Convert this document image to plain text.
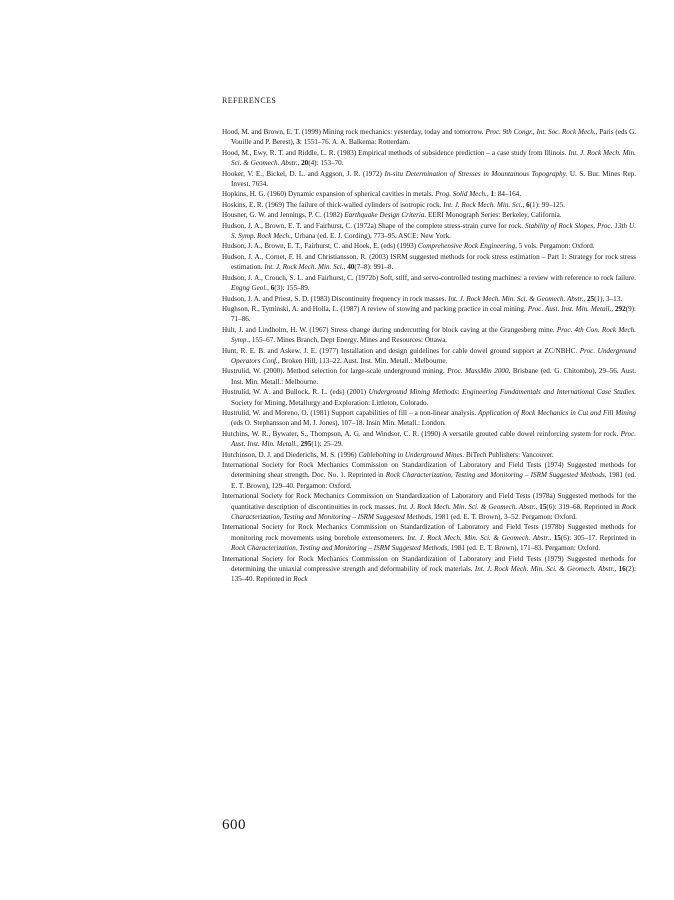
REFERENCES

Hood, M. and Brown, E. T. (1999) Mining rock mechanics: yesterday, today and tomorrow. Proc. 9th Congr., Int. Soc. Rock Mech., Paris (eds G. Vouille and P. Berest), 3: 1551–76. A. A. Balkema: Rotterdam.

Hood, M., Ewy, R. T. and Riddle, L. R. (1983) Empirical methods of subsidence prediction – a case study from Illinois. Int. J. Rock Mech. Min. Sci. & Geomech. Abstr., 20(4): 153–70.

Hooker, V. E., Bickel, D. L. and Aggson, J. R. (1972) In-situ Determination of Stresses in Mountainous Topography. U. S. Bur. Mines Rep. Invest. 7654.

Hopkins, H. G. (1960) Dynamic expansion of spherical cavities in metals. Prog. Solid Mech., 1: 84–164.

Hoskins, E. R. (1969) The failure of thick-walled cylinders of isotropic rock. Int. J. Rock Mech. Min. Sci., 6(1): 99–125.

Housner, G. W. and Jennings, P. C. (1982) Earthquake Design Criteria. EERI Monograph Series: Berkeley, California.

Hudson, J. A., Brown, E. T. and Fairhurst, C. (1972a) Shape of the complete stress-strain curve for rock. Stability of Rock Slopes, Proc. 13th U. S. Symp. Rock Mech., Urbana (ed. E. J. Cording), 773–95. ASCE: New York.

Hudson, J. A., Brown, E. T., Fairhurst, C. and Hoek, E. (eds) (1993) Comprehensive Rock Engineering, 5 vols. Pergamon: Oxford.

Hudson, J. A., Cornet, F. H. and Christiansson, R. (2003) ISRM suggested methods for rock stress estimation – Part 1: Strategy for rock stress estimation. Int. J. Rock Mech. Min. Sci., 40(7–8): 991–8.

Hudson, J. A., Crouch, S. L. and Fairhurst, C. (1972b) Soft, stiff, and servo-controlled testing machines: a review with reference to rock failure. Engng Geol., 6(3): 155–89.

Hudson, J. A. and Priest, S. D. (1983) Discontinuity frequency in rock masses. Int. J. Rock Mech. Min. Sci. & Geomech. Abstr., 25(1), 3–13.

Hughson, R., Tyminski, A. and Holla, L. (1987) A review of stowing and packing practice in coal mining. Proc. Aust. Inst. Min. Metall., 292(9): 71–86.

Hult, J. and Lindholm, H. W. (1967) Stress change during undercutting for block caving at the Grangesberg mine. Proc. 4th Con. Rock Mech. Symp., 155–67. Mines Branch, Dept Energy, Mines and Resources: Ottawa.

Hunt, R. E. B. and Askew, J. E. (1977) Installation and design guidelines for cable dowel ground support at ZC/NBHC. Proc. Underground Operators Conf., Broken Hill, 113–22. Aust. Inst. Min. Metall.: Melbourne.

Hustrulid, W. (2000). Method selection for large-scale underground mining. Proc. MassMin 2000, Brisbane (ed. G. Chitombo), 29–56. Aust. Inst. Min. Metall.: Melbourne.

Hustrulid, W. A. and Bullock, R. L. (eds) (2001) Underground Mining Methods: Engineering Fundamentals and International Case Studies. Society for Mining, Metallurgy and Exploration: Littleton, Colorado.

Hustrulid, W. and Moreno, O. (1981) Support capabilities of fill – a non-linear analysis. Application of Rock Mechanics in Cut and Fill Mining (eds O. Stephansson and M. J. Jones), 107–18. Insin Min. Metall.: London.

Hutchins, W. R., Bywater, S., Thompson, A. G. and Windsor, C. R. (1990) A versatile grouted cable dowel reinforcing system for rock. Proc. Aust. Inst. Min. Metall., 295(1): 25–29.

Hutchinson, D. J. and Diederichs, M. S. (1996) Cablebolting in Underground Mines. BiTech Publishers: Vancouver.

International Society for Rock Mechanics Commission on Standardization of Laboratory and Field Tests (1974) Suggested methods for determining shear strength. Doc. No. 1. Reprinted in Rock Characterization, Testing and Monitoring – ISRM Suggested Methods, 1981 (ed. E. T. Brown), 129–40. Pergamon: Oxford.

International Society for Rock Mechanics Commission on Standardization of Laboratory and Field Tests (1978a) Suggested methods for the quantitative description of discontinuities in rock masses. Int. J. Rock Mech. Min. Sci. & Geomech. Abstr., 15(6): 319–68. Reprinted in Rock Characterization, Testing and Monitoring – ISRM Suggested Methods, 1981 (ed. E. T. Brown), 3–52. Pergamon: Oxford.

International Society for Rock Mechanics Commission on Standardization of Laboratory and Field Tests (1978b) Suggested methods for monitoring rock movements using borehole extensometers. Int. J. Rock Mech. Min. Sci. & Geomech. Abstr., 15(6): 305–17. Reprinted in Rock Characterization, Testing and Monitoring – ISRM Suggested Methods, 1981 (ed. E. T. Brown), 171–83. Pergamon: Oxford.

International Society for Rock Mechanics Commission on Standardization of Laboratory and Field Tests (1979) Suggested methods for determining the uniaxial compressive strength and deformability of rock materials. Int. J. Rock Mech. Min. Sci. & Geomech. Abstr., 16(2): 135–40. Reprinted in Rock

600
